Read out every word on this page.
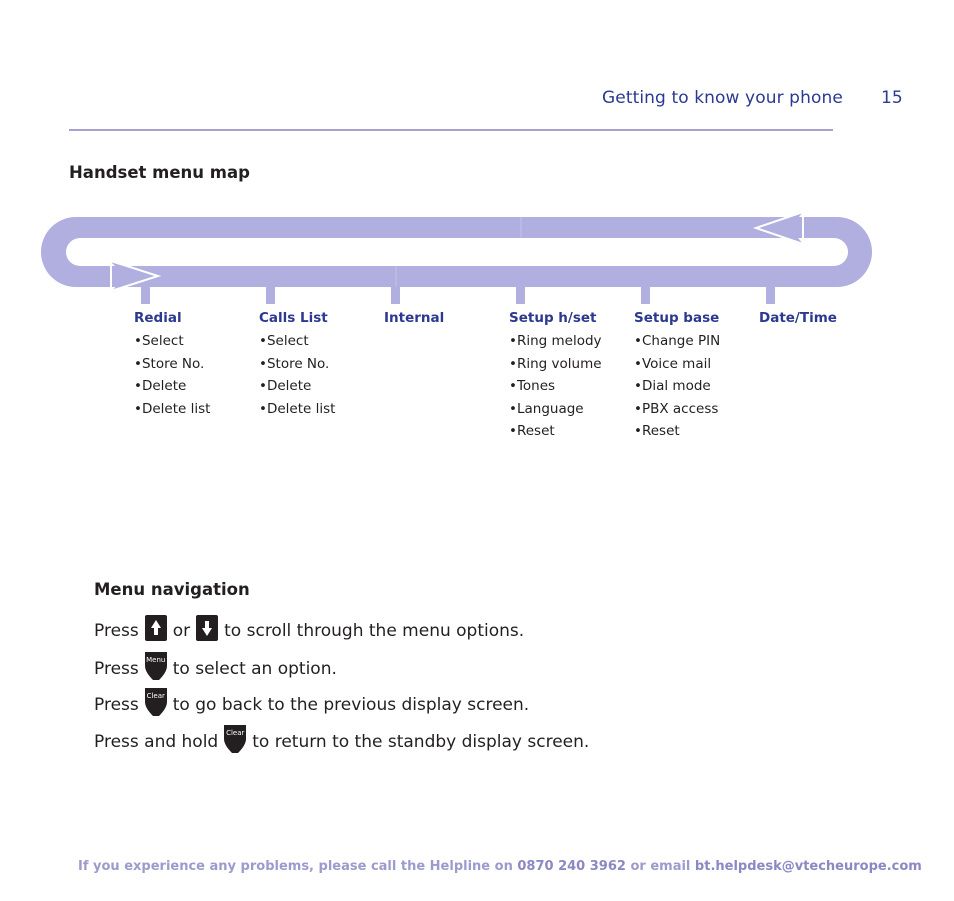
Getting to know your phone 15
Handset menu map
Redial
•Select
•Store No.
•Delete
•Delete list
Calls List
•Select
•Store No.
•Delete
•Delete list
Internal	Setup h/set
•Ring melody
•Ring volume
•Tones
•Language
•Reset
Setup base
•Change PIN
•Voice mail
•Dial mode
•PBX access
•Reset
Date/Time
Menu navigation
Press or to scroll through the menu options.
Press Menu to select an option.
Press Clear to go back to the previous display screen.
Press and hold Clear to return to the standby display screen.
If you experience any problems, please call the Helpline on 0870 240 3962 or email bt.helpdesk@vtecheurope.com
